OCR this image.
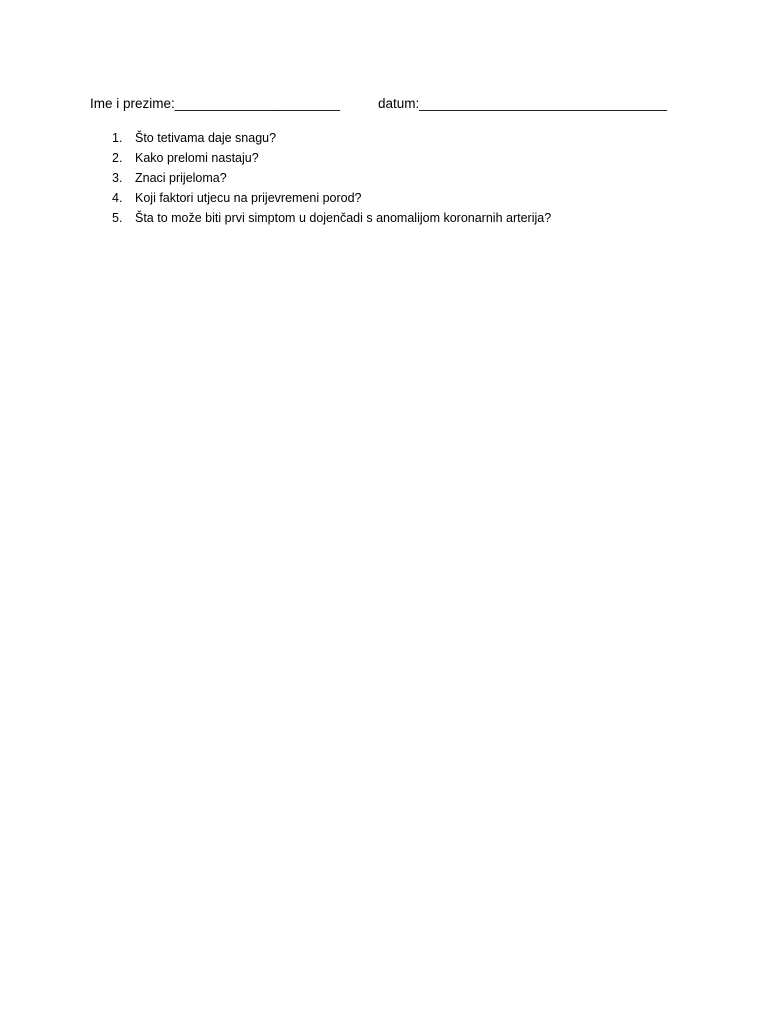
Ime i prezime:______________________	datum:_________________________________
1. Što tetivama daje snagu?
2. Kako prelomi nastaju?
3. Znaci prijeloma?
4. Koji faktori utjecu na prijevremeni porod?
5. Šta to može biti prvi simptom u dojenčadi s anomalijom koronarnih arterija?
